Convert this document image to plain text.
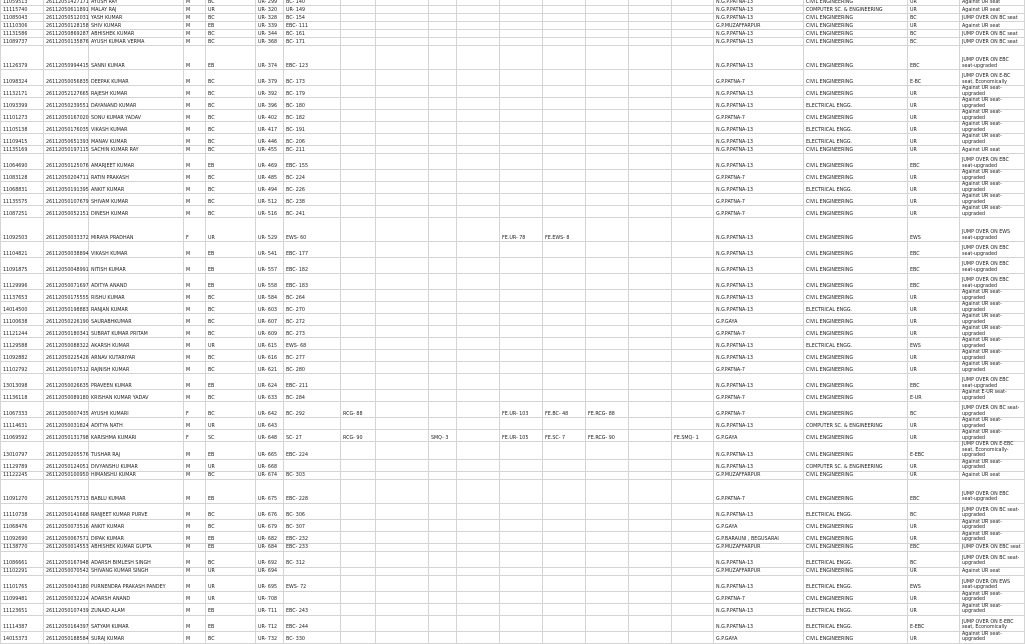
11059513	26112051427171	AYUSH RAY	M	BC	UR- 299	BC- 140										N.G.P.PATNA-13	CIVIL ENGINEERING	UR	Against UR seat
11115740	26112050611891	MALAY RAJ	M	UR	UR- 320	UR- 149										N.G.P.PATNA-13	COMPUTER SC. & ENGINEERING	UR	Against UR seat
11085043	26112050512031	YASH KUMAR	M	BC	UR- 328	BC- 154										N.G.P.PATNA-13	CIVIL ENGINEERING	BC	JUMP OVER ON BC seat
11110306	26112050128158	SHIV KUMAR	M	EB	UR- 339	EBC- 111										G.P.MUZAFFARPUR	CIVIL ENGINEERING	UR	Against UR seat
11131586	26112050869287	ABHISHEK KUMAR	M	BC	UR- 344	BC- 161										N.G.P.PATNA-13	CIVIL ENGINEERING	BC	JUMP OVER ON BC seat
11089737	26112050135876	AYUSH KUMAR VERMA	M	BC	UR- 368	BC- 171										N.G.P.PATNA-13	CIVIL ENGINEERING	BC	JUMP OVER ON BC seat
11126379	26112050994415	SANNI KUMAR	M	EB	UR- 374	EBC- 123										N.G.P.PATNA-13	CIVIL ENGINEERING	EBC	JUMP OVER ON EBC seat-upgraded
11098324	26112050056835	DEEPAK KUMAR	M	BC	UR- 379	BC- 173										G.P.PATNA-7	CIVIL ENGINEERING	E-BC	JUMP OVER ON E-BC seat, Economically
11132171	26112052127665	RAJESH KUMAR	M	BC	UR- 392	BC- 179										N.G.P.PATNA-13	CIVIL ENGINEERING	UR	Against UR seat- upgraded
11093399	26112050239551	DAYANAND KUMAR	M	BC	UR- 396	BC- 180										N.G.P.PATNA-13	ELECTRICAL ENGG.	UR	Against UR seat- upgraded
11101273	26112050167020	SONU KUMAR YADAV	M	BC	UR- 402	BC- 182										G.P.PATNA-7	CIVIL ENGINEERING	UR	Against UR seat- upgraded
11105138	26112050176035	VIKASH KUMAR	M	BC	UR- 417	BC- 191										N.G.P.PATNA-13	ELECTRICAL ENGG.	UR	Against UR seat- upgraded
11109415	26112050651393	MANAV KUMAR	M	BC	UR- 446	BC- 206										N.G.P.PATNA-13	ELECTRICAL ENGG.	UR	Against UR seat- upgraded
11135169	26112050197115	SACHIN KUMAR RAY	M	BC	UR- 455	BC- 211										N.G.P.PATNA-13	CIVIL ENGINEERING	UR	Against UR seat
11064690	26112050125076	AMARJEET KUMAR	M	EB	UR- 469	EBC- 155										N.G.P.PATNA-13	CIVIL ENGINEERING	EBC	JUMP OVER ON EBC seat-upgraded
11083128	26112050204711	RATIN PRAKASH	M	BC	UR- 485	BC- 224										G.P.PATNA-7	CIVIL ENGINEERING	UR	Against UR seat- upgraded
11068831	26112050191395	ANKIT KUMAR	M	BC	UR- 494	BC- 226										N.G.P.PATNA-13	ELECTRICAL ENGG.	UR	Against UR seat- upgraded
11135575	26112050107679	SHIVAM KUMAR	M	BC	UR- 512	BC- 238										G.P.PATNA-7	CIVIL ENGINEERING	UR	Against UR seat- upgraded
11087251	26112050052151	DINESH KUMAR	M	BC	UR- 516	BC- 241										G.P.PATNA-7	CIVIL ENGINEERING	UR	Against UR seat- upgraded
11092503	26112050033372	MIRAYA PRADHAN	F	UR	UR- 529	EWS- 60					FE.UR- 78	FE.EWS- 8				N.G.P.PATNA-13	CIVIL ENGINEERING	EWS	JUMP OVER ON EWS seat-upgraded
11104821	26112050038894	VIKASH KUMAR	M	EB	UR- 541	EBC- 177										N.G.P.PATNA-13	CIVIL ENGINEERING	EBC	JUMP OVER ON EBC seat-upgraded
11091875	26112050048991	NITISH KUMAR	M	EB	UR- 557	EBC- 182										N.G.P.PATNA-13	CIVIL ENGINEERING	EBC	JUMP OVER ON EBC seat-upgraded
11129996	26112050071697	ADITYA ANAND	M	EB	UR- 558	EBC- 183										N.G.P.PATNA-13	CIVIL ENGINEERING	EBC	JUMP OVER ON EBC seat-upgraded
11137653	26112050175555	RISHU KUMAR	M	BC	UR- 584	BC- 264										N.G.P.PATNA-13	CIVIL ENGINEERING	UR	Against UR seat- upgraded
14014500	26112050198883	RANJAN KUMAR	M	BC	UR- 603	BC- 270										N.G.P.PATNA-13	ELECTRICAL ENGG.	UR	Against UR seat- upgraded
11100638	26112050226190	SAURABHKUMAR	M	BC	UR- 607	BC- 272										G.P.GAYA	CIVIL ENGINEERING	UR	Against UR seat- upgraded
11121244	26112050180341	SUBRAT KUMAR PRITAM	M	BC	UR- 609	BC- 273										G.P.PATNA-7	CIVIL ENGINEERING	UR	Against UR seat- upgraded
11129588	26112050088322	AKARSH KUMAR	M	UR	UR- 615	EWS- 68										N.G.P.PATNA-13	ELECTRICAL ENGG.	EWS	Against UR seat- upgraded
11092882	26112050225426	ARNAV KUTARIYAR	M	BC	UR- 616	BC- 277										N.G.P.PATNA-13	CIVIL ENGINEERING	UR	Against UR seat- upgraded
11102792	26112050107512	RAJNISH KUMAR	M	BC	UR- 621	BC- 280										G.P.PATNA-7	CIVIL ENGINEERING	UR	Against UR seat- upgraded
13013098	26112050026635	PRAVEEN KUMAR	M	EB	UR- 624	EBC- 211										N.G.P.PATNA-13	CIVIL ENGINEERING	EBC	JUMP OVER ON EBC seat-upgraded
11136118	26112050089180	KRISHAN KUMAR YADAV	M	BC	UR- 633	BC- 284										G.P.PATNA-7	CIVIL ENGINEERING	E-UR	Against E-UR seat- upgraded
11067333	26112050007435	AYUSHI KUMARI	F	BC	UR- 642	BC- 292	RCG- 88				FE.UR- 103	FE.BC- 48	FE.RCG- 88			G.P.PATNA-7	CIVIL ENGINEERING	BC	JUMP OVER ON BC seat-upgraded
11114631	26112050031824	ADITYA NATH	M	UR	UR- 643											N.G.P.PATNA-13	COMPUTER SC. & ENGINEERING	UR	Against UR seat- upgraded
11069592	26112050131798	KARISHMA KUMARI	F	SC	UR- 648	SC- 27	RCG- 90		SMQ- 3		FE.UR- 105	FE.SC- 7	FE.RCG- 90		FE.SMQ- 1	G.P.GAYA	CIVIL ENGINEERING	UR	Against UR seat- upgraded
13010797	26112050205576	TUSHAR RAJ	M	EB	UR- 665	EBC- 224										N.G.P.PATNA-13	CIVIL ENGINEERING	E-EBC	JUMP OVER ON E-EBC seat, Economically- upgraded
11129789	26112050124051	DIVYANSHU KUMAR	M	UR	UR- 668											N.G.P.PATNA-13	COMPUTER SC. & ENGINEERING	UR	Against UR seat- upgraded
11122245	26112050100950	HIMANSHU KUMAR	M	BC	UR- 674	BC- 303										G.P.MUZAFFARPUR	CIVIL ENGINEERING	UR	Against UR seat
11091270	26112050175713	BABLU KUMAR	M	EB	UR- 675	EBC- 228										G.P.PATNA-7	CIVIL ENGINEERING	EBC	JUMP OVER ON EBC seat-upgraded
11110738	26112050141668	RANJEET KUMAR PURVE	M	BC	UR- 676	BC- 306										N.G.P.PATNA-13	ELECTRICAL ENGG.	BC	JUMP OVER ON BC seat-upgraded
11068476	26112050073516	ANKIT KUMAR	M	BC	UR- 679	BC- 307										G.P.GAYA	CIVIL ENGINEERING	UR	Against UR seat- upgraded
11092690	26112050067571	DIPAK KUMAR	M	EB	UR- 682	EBC- 232										G.P.BARAUNI , BEGUSARAI	CIVIL ENGINEERING	UR	Against UR seat- upgraded
11138770	26112050014553	ABHISHEK KUMAR GUPTA	M	EB	UR- 684	EBC- 233										G.P.MUZAFFARPUR	CIVIL ENGINEERING	EBC	JUMP OVER ON EBC seat
11086661	26112050167948	ADARSH BIMLESH SINGH	M	BC	UR- 692	BC- 312										N.G.P.PATNA-13	ELECTRICAL ENGG.	BC	JUMP OVER ON BC seat-upgraded
11102291	26112050070542	SHIVANG KUMAR SINGH	M	UR	UR- 694											G.P.MUZAFFARPUR	CIVIL ENGINEERING	UR	Against UR seat
11101765	26112050043180	PURNENDRA PRAKASH PANDEY	M	UR	UR- 695	EWS- 72										N.G.P.PATNA-13	ELECTRICAL ENGG.	EWS	JUMP OVER ON EWS seat-upgraded
11099481	26112050032224	ADARSH ANAND	M	UR	UR- 708											G.P.PATNA-7	CIVIL ENGINEERING	UR	Against UR seat- upgraded
11123651	26112050107439	ZUNAID ALAM	M	EB	UR- 711	EBC- 243										N.G.P.PATNA-13	ELECTRICAL ENGG.	UR	Against UR seat- upgraded
11114387	26112050164397	SATYAM KUMAR	M	EB	UR- 712	EBC- 244										N.G.P.PATNA-13	ELECTRICAL ENGG.	E-EBC	JUMP OVER ON E-EBC seat, Economically
14015373	26112050188584	SURAJ KUMAR	M	BC	UR- 732	BC- 330										G.P.GAYA	CIVIL ENGINEERING	UR	Against UR seat- upgraded
